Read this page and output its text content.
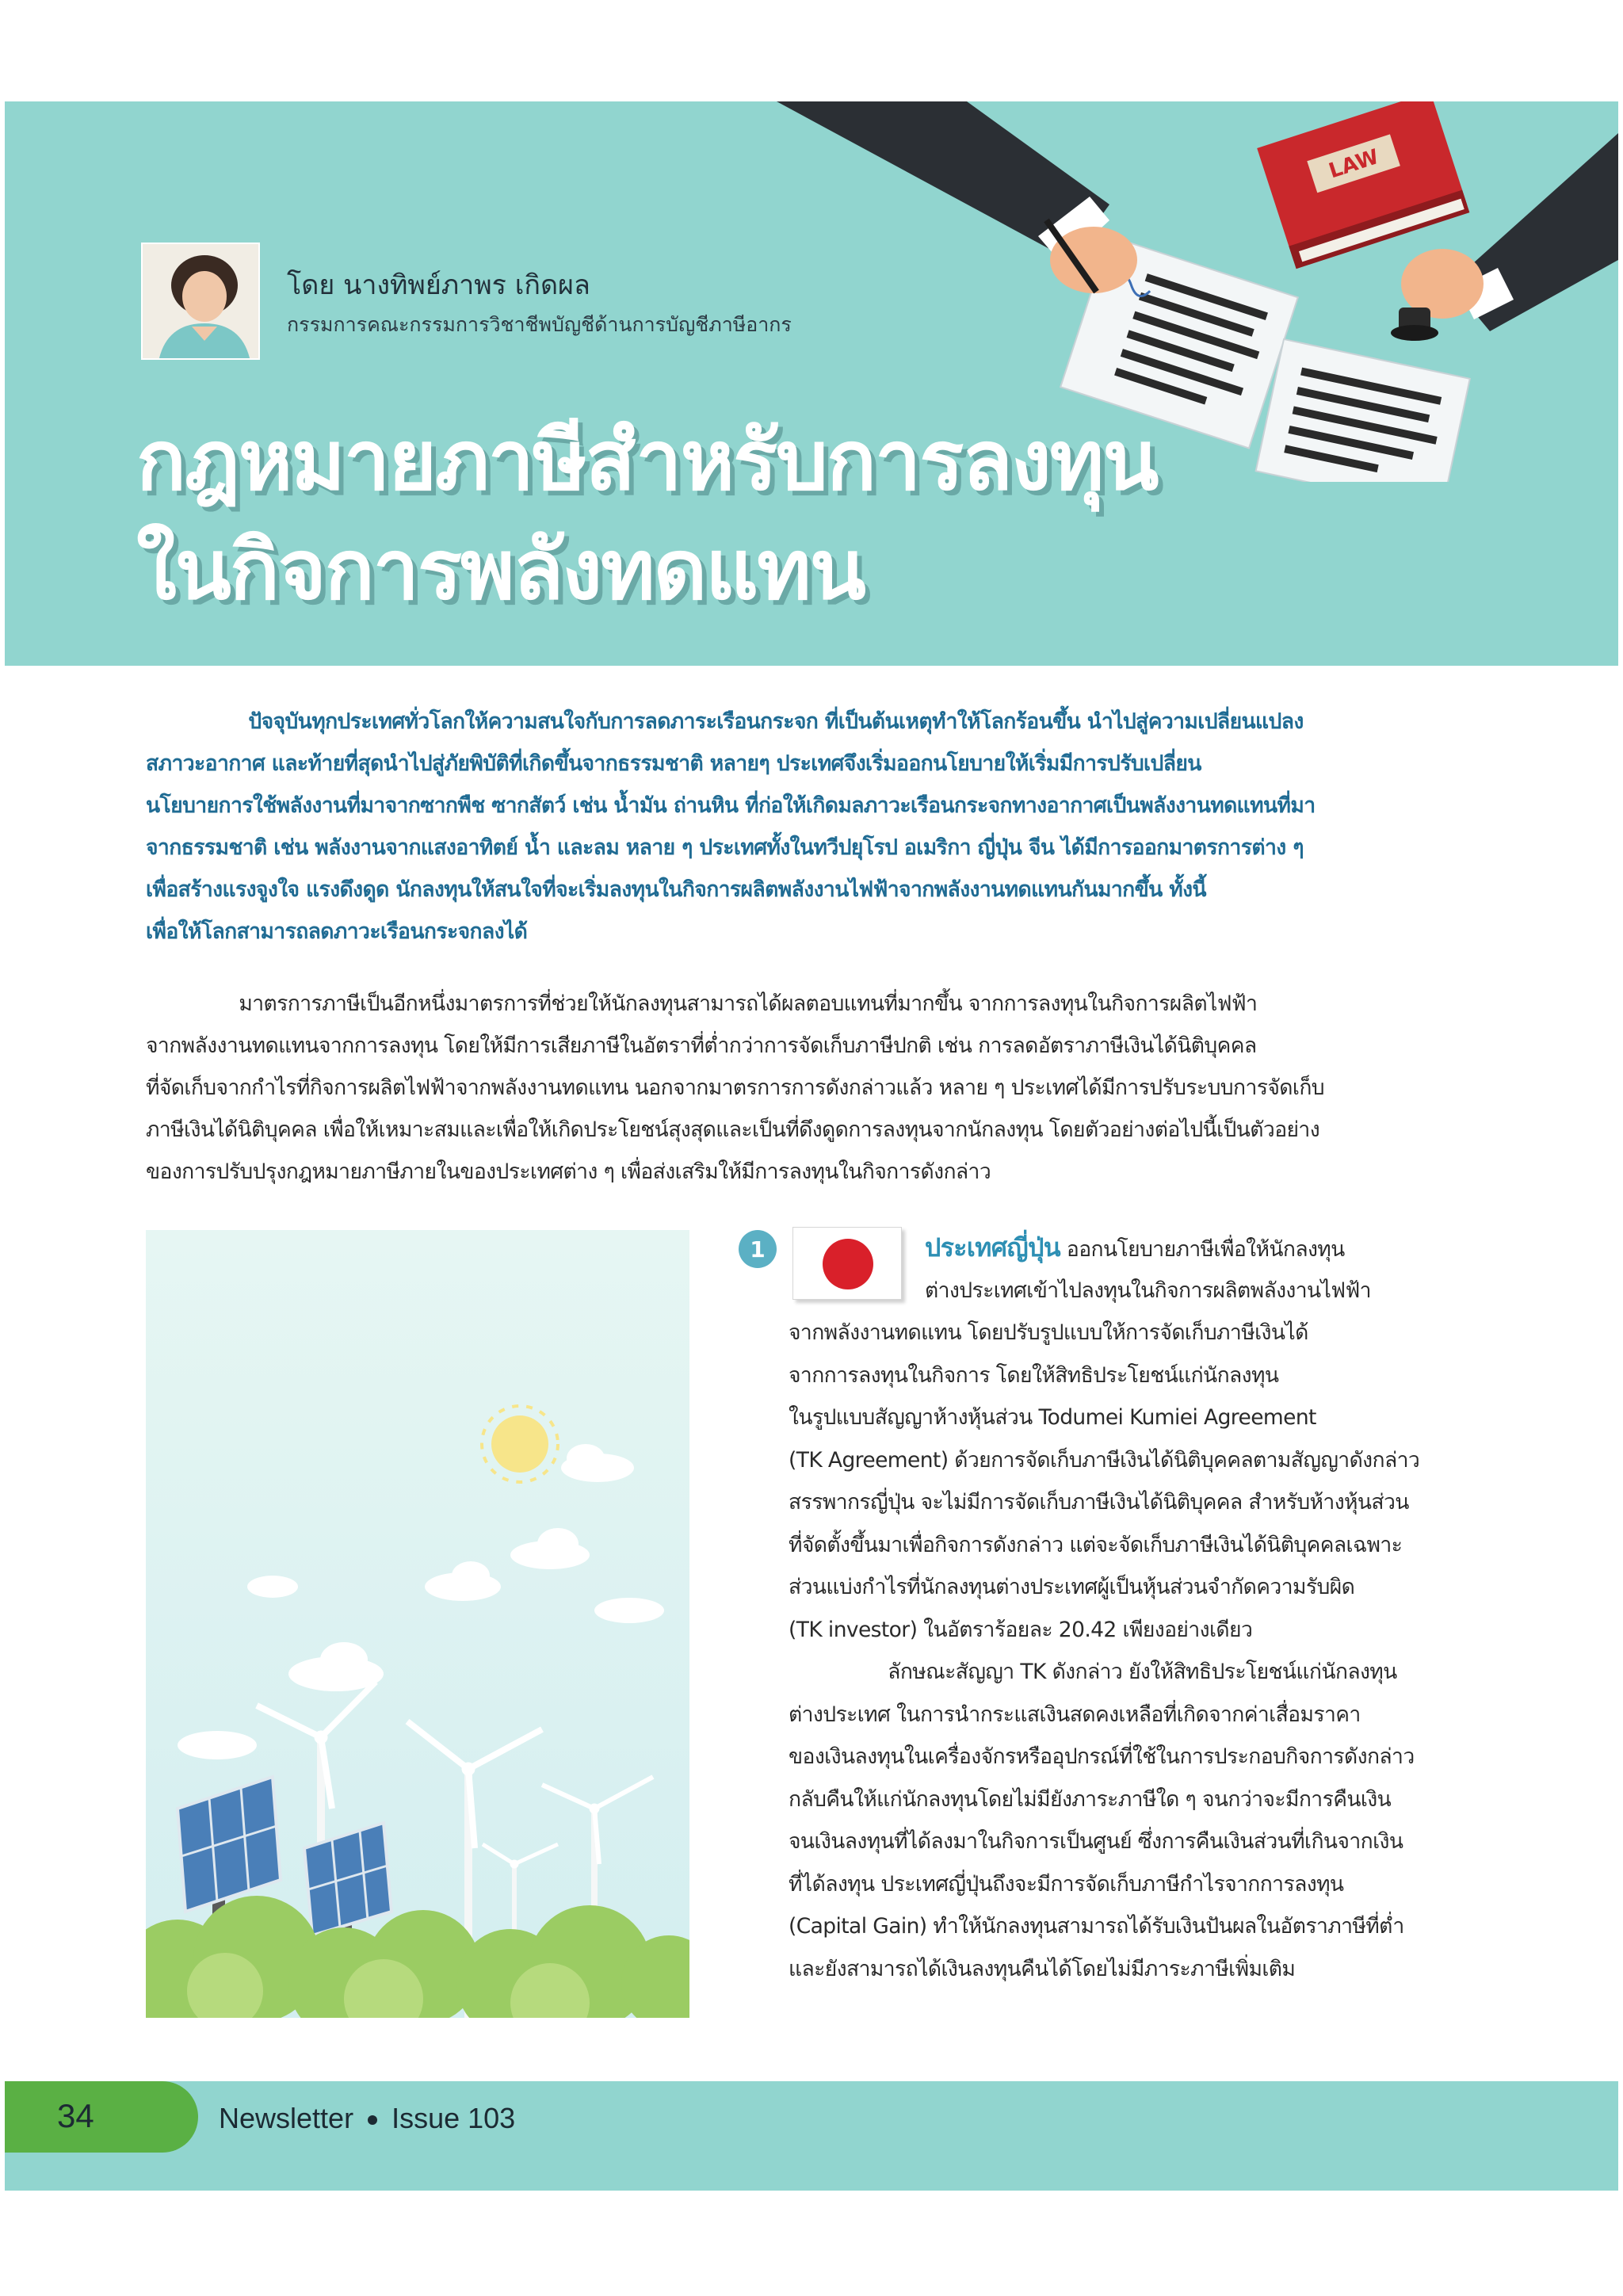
LAW
โดย นางทิพย์ภาพร เกิดผล
กรรมการคณะกรรมการวิชาชีพบัญชีด้านการบัญชีภาษีอากร
กฎหมายภาษีสำหรับการลงทุน
ในกิจการพลังทดแทน
ปัจจุบันทุกประเทศทั่วโลกให้ความสนใจกับการลดภาระเรือนกระจก ที่เป็นต้นเหตุทำให้โลกร้อนขึ้น นำไปสู่ความเปลี่ยนแปลง
สภาวะอากาศ และท้ายที่สุดนำไปสู่ภัยพิบัติที่เกิดขึ้นจากธรรมชาติ หลายๆ ประเทศจึงเริ่มออกนโยบายให้เริ่มมีการปรับเปลี่ยน
นโยบายการใช้พลังงานที่มาจากซากพืช ซากสัตว์ เช่น น้ำมัน ถ่านหิน ที่ก่อให้เกิดมลภาวะเรือนกระจกทางอากาศเป็นพลังงานทดแทนที่มา
จากธรรมชาติ เช่น พลังงานจากแสงอาทิตย์ น้ำ และลม หลาย ๆ ประเทศทั้งในทวีปยุโรป อเมริกา ญี่ปุ่น จีน ได้มีการออกมาตรการต่าง ๆ
เพื่อสร้างแรงจูงใจ แรงดึงดูด นักลงทุนให้สนใจที่จะเริ่มลงทุนในกิจการผลิตพลังงานไฟฟ้าจากพลังงานทดแทนกันมากขึ้น ทั้งนี้
เพื่อให้โลกสามารถลดภาวะเรือนกระจกลงได้
มาตรการภาษีเป็นอีกหนึ่งมาตรการที่ช่วยให้นักลงทุนสามารถได้ผลตอบแทนที่มากขึ้น จากการลงทุนในกิจการผลิตไฟฟ้า
จากพลังงานทดแทนจากการลงทุน โดยให้มีการเสียภาษีในอัตราที่ต่ำกว่าการจัดเก็บภาษีปกติ เช่น การลดอัตราภาษีเงินได้นิติบุคคล
ที่จัดเก็บจากกำไรที่กิจการผลิตไฟฟ้าจากพลังงานทดแทน นอกจากมาตรการการดังกล่าวแล้ว หลาย ๆ ประเทศได้มีการปรับระบบการจัดเก็บ
ภาษีเงินได้นิติบุคคล เพื่อให้เหมาะสมและเพื่อให้เกิดประโยชน์สุงสุดและเป็นที่ดึงดูดการลงทุนจากนักลงทุน โดยตัวอย่างต่อไปนี้เป็นตัวอย่าง
ของการปรับปรุงกฎหมายภาษีภายในของประเทศต่าง ๆ เพื่อส่งเสริมให้มีการลงทุนในกิจการดังกล่าว
1	ประเทศญี่ปุ่น ออกนโยบายภาษีเพื่อให้นักลงทุน
ต่างประเทศเข้าไปลงทุนในกิจการผลิตพลังงานไฟฟ้า
จากพลังงานทดแทน โดยปรับรูปแบบให้การจัดเก็บภาษีเงินได้
จากการลงทุนในกิจการ โดยให้สิทธิประโยชน์แก่นักลงทุน
ในรูปแบบสัญญาห้างหุ้นส่วน Todumei Kumiei Agreement
(TK Agreement) ด้วยการจัดเก็บภาษีเงินได้นิติบุคคลตามสัญญาดังกล่าว
สรรพากรญี่ปุ่น จะไม่มีการจัดเก็บภาษีเงินได้นิติบุคคล สำหรับห้างหุ้นส่วน
ที่จัดตั้งขึ้นมาเพื่อกิจการดังกล่าว แต่จะจัดเก็บภาษีเงินได้นิติบุคคลเฉพาะ
ส่วนแบ่งกำไรที่นักลงทุนต่างประเทศผู้เป็นหุ้นส่วนจำกัดความรับผิด
(TK investor) ในอัตราร้อยละ 20.42 เพียงอย่างเดียว
ลักษณะสัญญา TK ดังกล่าว ยังให้สิทธิประโยชน์แก่นักลงทุน
ต่างประเทศ ในการนำกระแสเงินสดคงเหลือที่เกิดจากค่าเสื่อมราคา
ของเงินลงทุนในเครื่องจักรหรืออุปกรณ์ที่ใช้ในการประกอบกิจการดังกล่าว
กลับคืนให้แก่นักลงทุนโดยไม่มียังภาระภาษีใด ๆ จนกว่าจะมีการคืนเงิน
จนเงินลงทุนที่ได้ลงมาในกิจการเป็นศูนย์ ซึ่งการคืนเงินส่วนที่เกินจากเงิน
ที่ได้ลงทุน ประเทศญี่ปุ่นถึงจะมีการจัดเก็บภาษีกำไรจากการลงทุน
(Capital Gain) ทำให้นักลงทุนสามารถได้รับเงินปันผลในอัตราภาษีที่ต่ำ
และยังสามารถได้เงินลงทุนคืนได้โดยไม่มีภาระภาษีเพิ่มเติม
34	Newsletter Issue 103
